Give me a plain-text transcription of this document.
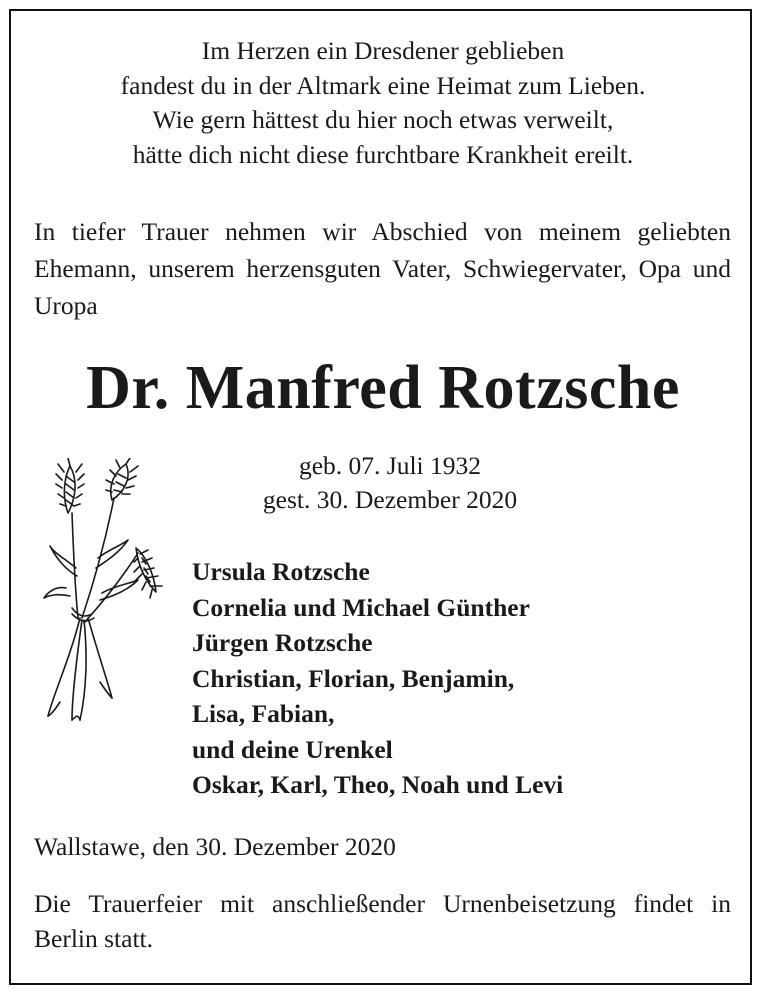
Im Herzen ein Dresdener geblieben
fandest du in der Altmark eine Heimat zum Lieben.
Wie gern hättest du hier noch etwas verweilt,
hätte dich nicht diese furchtbare Krankheit ereilt.
In tiefer Trauer nehmen wir Abschied von meinem geliebten Ehemann, unserem herzensguten Vater, Schwiegervater, Opa und Uropa
Dr. Manfred Rotzsche
geb. 07. Juli 1932
gest. 30. Dezember 2020
Ursula Rotzsche
Cornelia und Michael Günther
Jürgen Rotzsche
Christian, Florian, Benjamin,
Lisa, Fabian,
und deine Urenkel
Oskar, Karl, Theo, Noah und Levi
Wallstawe, den 30. Dezember 2020
Die Trauerfeier mit anschließender Urnenbeisetzung findet in Berlin statt.
